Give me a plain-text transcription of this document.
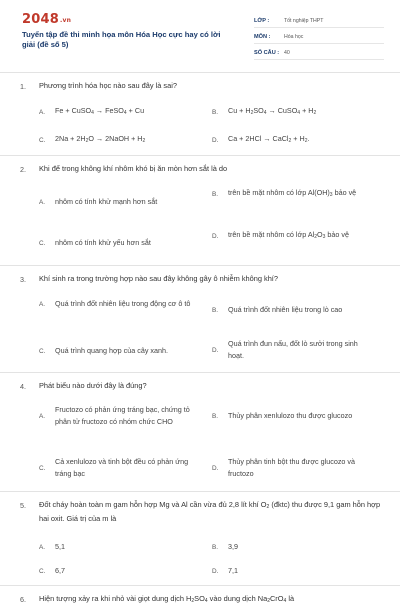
2048.vn
Tuyển tập đề thi minh họa môn Hóa Học cực hay có lời giải (đề số 5)
LỚP :	Tốt nghiệp THPT
MÔN :	Hóa học
SỐ CÂU : 40
1. Phương trình hóa học nào sau đây là sai?
A.	Fe + CuSO$_4$ → FeSO$_4$ + Cu	B.	$Cu + H_2SO_4$ → CuSO$_4$ + $H_2$
C.	$2Na + 2H_2O$ → 2NaOH + $H_2$	D.	Ca + 2HCl → CaCl$_2$ + $H_2$.
2. Khi để trong không khí nhôm khó bị ăn mòn hơn sắt là do
A.	nhôm có tính khử mạnh hơn sắt
B.	trên bề mặt nhôm có lớp $Al(OH)_3$ bảo vệ
C.	nhôm có tính khử yếu hơn sắt
D.	trên bề mặt nhôm có lớp $Al_2O_3$ bảo vệ
3. Khí sinh ra trong trường hợp nào sau đây không gây ô nhiễm không khí?
A.	Quá trình đốt nhiên liệu trong động cơ ô tô
B.	Quá trình đốt nhiên liệu trong lò cao
C.	Quá trình quang hợp của cây xanh.	D.
Quá trình đun nấu, đốt lò sưởi trong sinh hoạt.
4. Phát biểu nào dưới đây là đúng?
A.
Fructozo có phản ứng tráng bạc, chứng tỏ phân tử fructozo có nhóm chức CHO
B.	Thủy phân xenlulozo thu được glucozo
C.
Cả xenlulozo và tinh bột đều có phản ứng tráng bạc
D.
Thủy phân tinh bột thu được glucozo và fructozo
5. Đốt cháy hoàn toàn m gam hỗn hợp Mg và Al cần vừa đủ 2,8 lít khí $O_2$ (đktc) thu được 9,1 gam hỗn hợp hai oxit. Giá trị của m là
A.	5,1	B.	3,9
C.	6,7	D.	7,1
6. Hiện tượng xảy ra khi nhỏ vài giọt dung dịch $H_2SO_4$ vào dung dịch $Na_2CrO_4$ là
